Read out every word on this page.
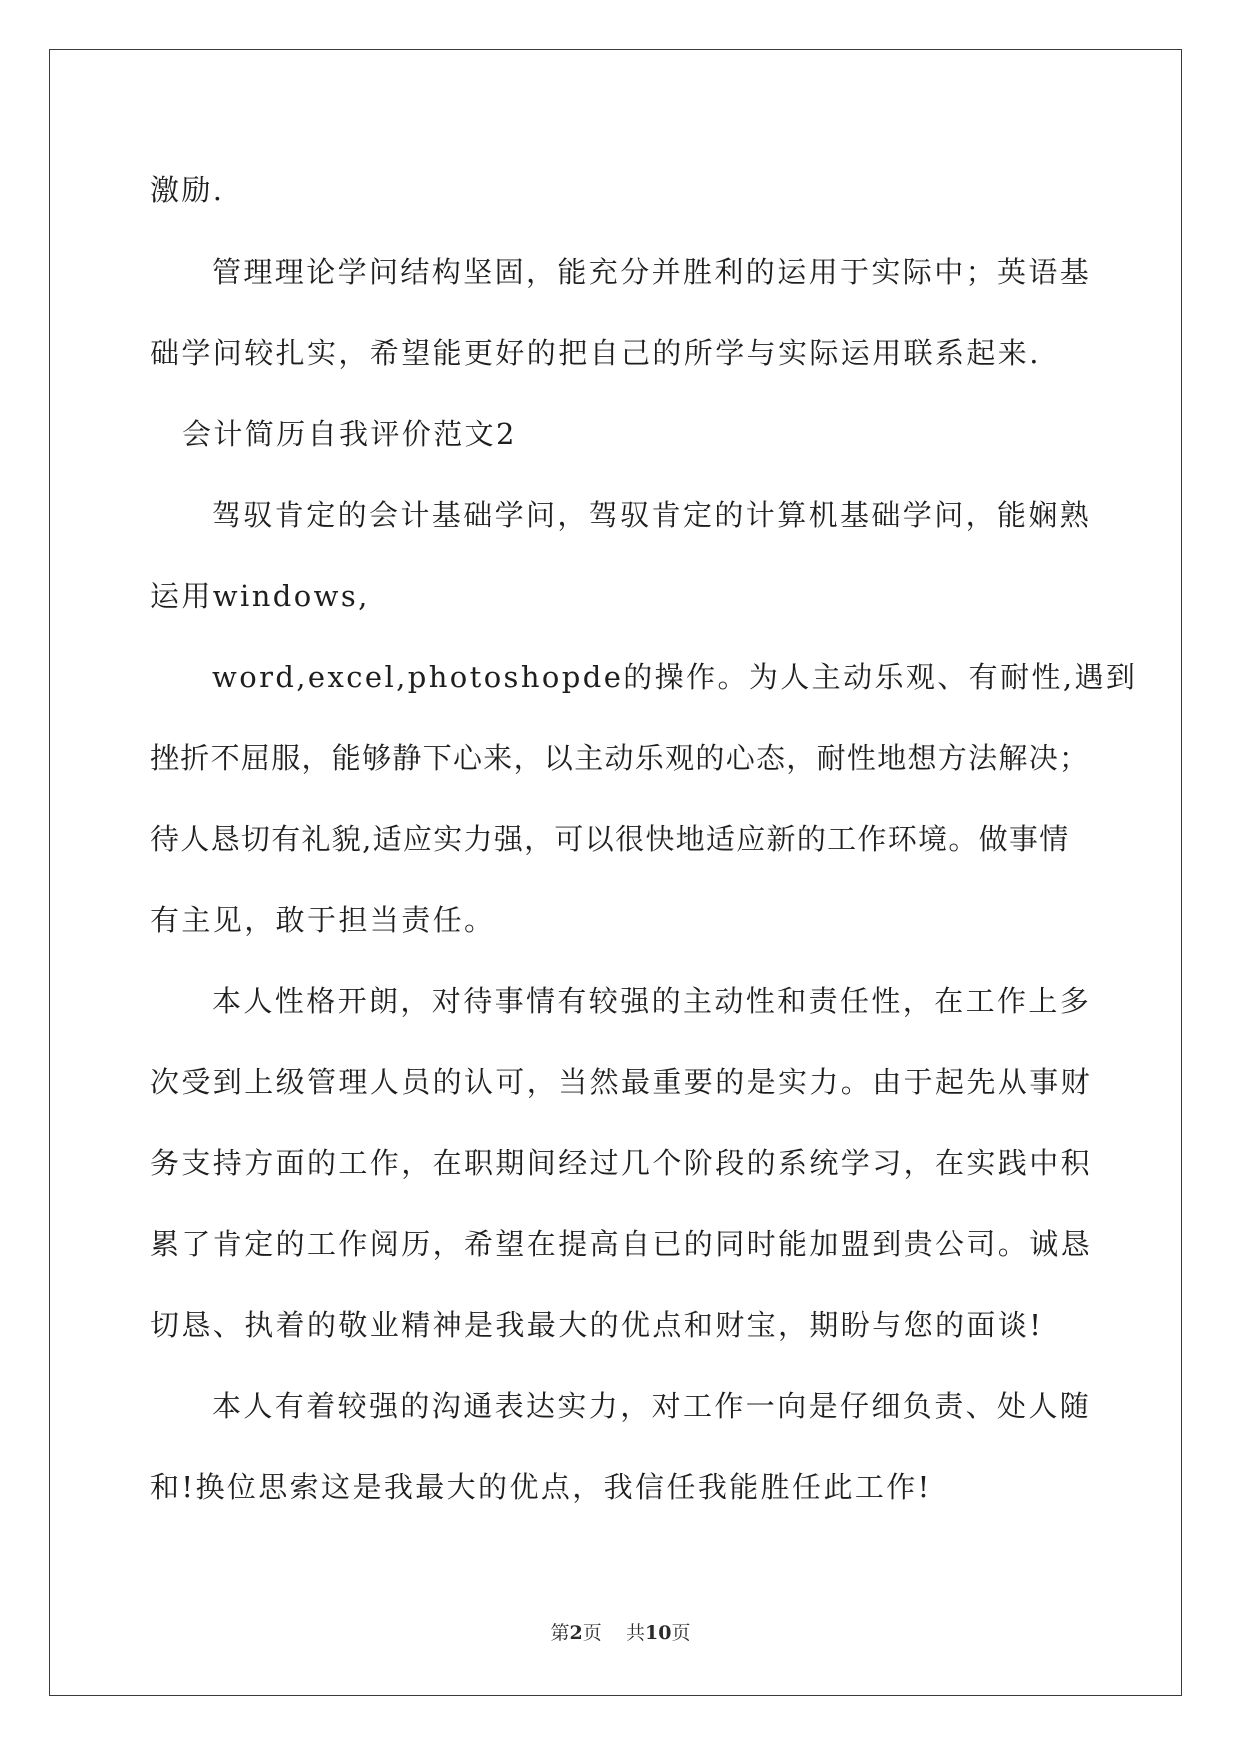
激励.
管理理论学问结构坚固，能充分并胜利的运用于实际中；英语基
础学问较扎实，希望能更好的把自己的所学与实际运用联系起来.
会计简历自我评价范文2
驾驭肯定的会计基础学问，驾驭肯定的计算机基础学问，能娴熟
运用windows,
word,excel,photoshopde的操作。为人主动乐观、有耐性,遇到
挫折不屈服，能够静下心来，以主动乐观的心态，耐性地想方法解决；
待人恳切有礼貌,适应实力强，可以很快地适应新的工作环境。做事情
有主见，敢于担当责任。
本人性格开朗，对待事情有较强的主动性和责任性，在工作上多
次受到上级管理人员的认可，当然最重要的是实力。由于起先从事财
务支持方面的工作，在职期间经过几个阶段的系统学习，在实践中积
累了肯定的工作阅历，希望在提高自已的同时能加盟到贵公司。诚恳
切恳、执着的敬业精神是我最大的优点和财宝，期盼与您的面谈!
本人有着较强的沟通表达实力，对工作一向是仔细负责、处人随
和!换位思索这是我最大的优点，我信任我能胜任此工作!
第2页 共10页
